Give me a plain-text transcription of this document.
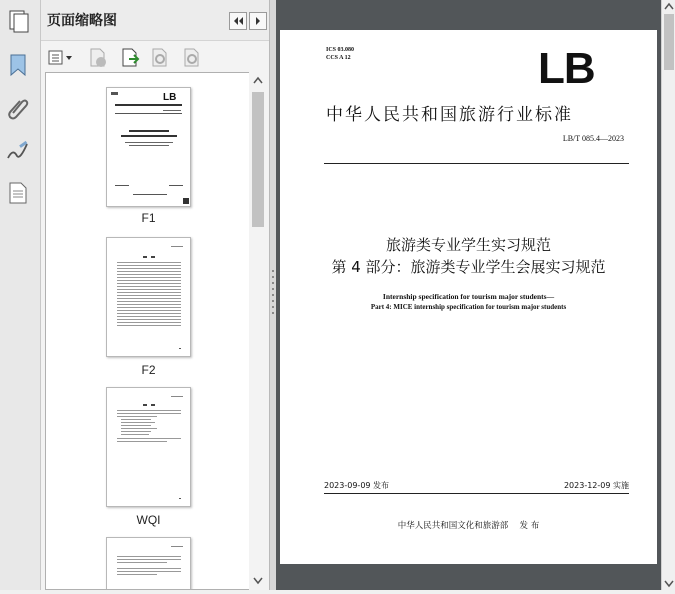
页面缩略图
LB
F1
F2
WQI
ICS 03.080
CCS A 12	LB
中华人民共和国旅游行业标准
LB/T 085.4—2023
旅游类专业学生实习规范
第 4 部分：旅游类专业学生会展实习规范
Internship specification for tourism major students—
Part 4: MICE internship specification for tourism major students
2023-09-09 发布	2023-12-09 实施
中华人民共和国文化和旅游部　 发 布
